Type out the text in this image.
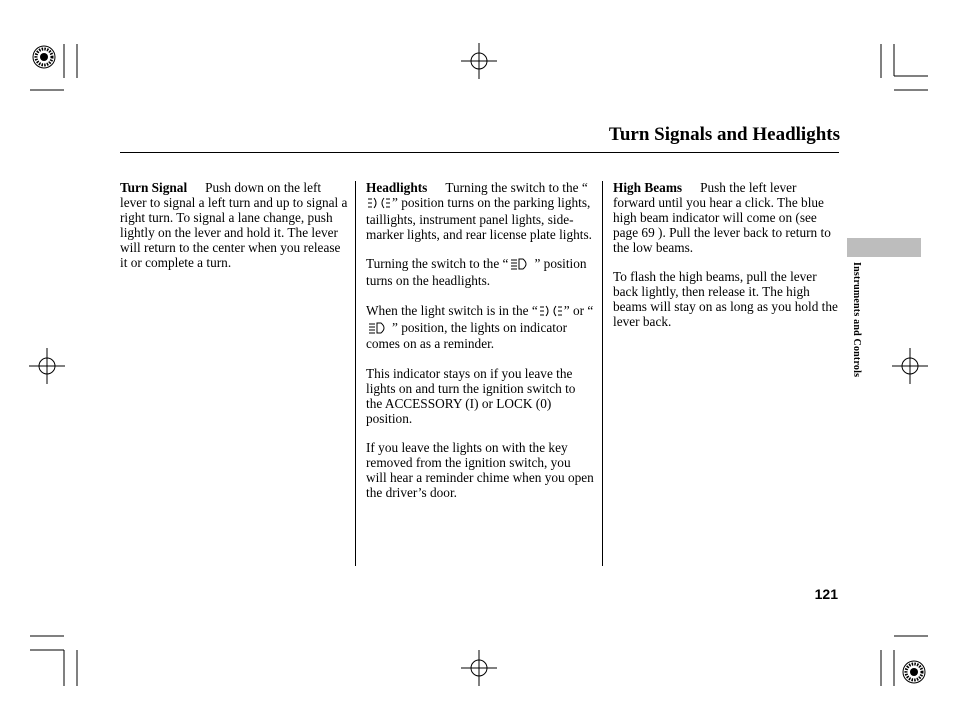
Turn Signals and Headlights

Turn Signal Push down on the left lever to signal a left turn and up to signal a right turn. To signal a lane change, push lightly on the lever and hold it. The lever will return to the center when you release it or complete a turn.

Headlights Turning the switch to the “” position turns on the parking lights, taillights, instrument panel lights, side-marker lights, and rear license plate lights.

Turning the switch to the “ ” position turns on the headlights.

When the light switch is in the “ ” or “” position, the lights on indicator comes on as a reminder.

This indicator stays on if you leave the lights on and turn the ignition switch to the ACCESSORY (I) or LOCK (0) position.

If you leave the lights on with the key removed from the ignition switch, you will hear a reminder chime when you open the driver’s door.

High Beams Push the left lever forward until you hear a click. The blue high beam indicator will come on (see page 69 ). Pull the lever back to return to the low beams.

To flash the high beams, pull the lever back lightly, then release it. The high beams will stay on as long as you hold the lever back.	Instruments and Controls
121
